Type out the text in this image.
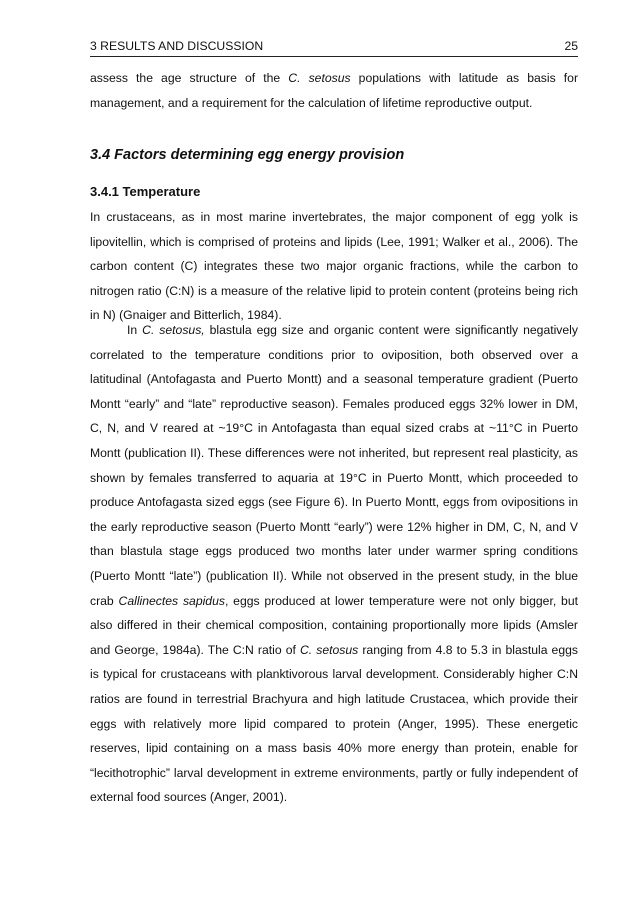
3 RESULTS AND DISCUSSION	25

assess the age structure of the C. setosus populations with latitude as basis for management, and a requirement for the calculation of lifetime reproductive output.

3.4 Factors determining egg energy provision
3.4.1 Temperature

In crustaceans, as in most marine invertebrates, the major component of egg yolk is lipovitellin, which is comprised of proteins and lipids (Lee, 1991; Walker et al., 2006). The carbon content (C) integrates these two major organic fractions, while the carbon to nitrogen ratio (C:N) is a measure of the relative lipid to protein content (proteins being rich in N) (Gnaiger and Bitterlich, 1984).

In C. setosus, blastula egg size and organic content were significantly negatively correlated to the temperature conditions prior to oviposition, both observed over a latitudinal (Antofagasta and Puerto Montt) and a seasonal temperature gradient (Puerto Montt “early” and “late” reproductive season). Females produced eggs 32% lower in DM, C, N, and V reared at ~19°C in Antofagasta than equal sized crabs at ~11°C in Puerto Montt (publication II). These differences were not inherited, but represent real plasticity, as shown by females transferred to aquaria at 19°C in Puerto Montt, which proceeded to produce Antofagasta sized eggs (see Figure 6). In Puerto Montt, eggs from ovipositions in the early reproductive season (Puerto Montt “early”) were 12% higher in DM, C, N, and V than blastula stage eggs produced two months later under warmer spring conditions (Puerto Montt “late”) (publication II). While not observed in the present study, in the blue crab Callinectes sapidus, eggs produced at lower temperature were not only bigger, but also differed in their chemical composition, containing proportionally more lipids (Amsler and George, 1984a). The C:N ratio of C. setosus ranging from 4.8 to 5.3 in blastula eggs is typical for crustaceans with planktivorous larval development. Considerably higher C:N ratios are found in terrestrial Brachyura and high latitude Crustacea, which provide their eggs with relatively more lipid compared to protein (Anger, 1995). These energetic reserves, lipid containing on a mass basis 40% more energy than protein, enable for “lecithotrophic” larval development in extreme environments, partly or fully independent of external food sources (Anger, 2001).
